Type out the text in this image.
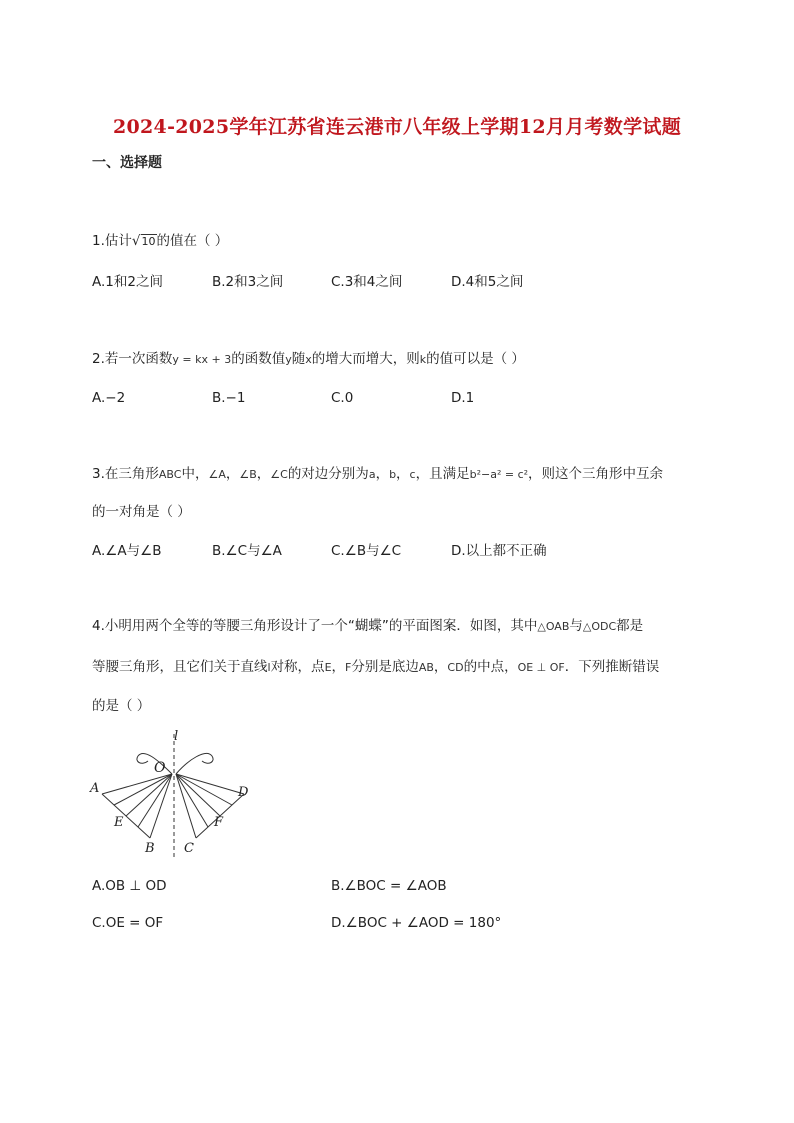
2024-2025学年江苏省连云港市八年级上学期12月月考数学试题
一、选择题
1.估计√10的值在（ ）
A.1和2之间	B.2和3之间	C.3和4之间	D.4和5之间
2.若一次函数y = kx + 3的函数值y随x的增大而增大，则k的值可以是（ ）
A.−2	B.−1	C.0	D.1
3.在三角形ABC中，∠A，∠B，∠C的对边分别为a，b，c，且满足b²−a² = c²，则这个三角形中互余
的一对角是（ ）
A.∠A与∠B	B.∠C与∠A	C.∠B与∠C	D.以上都不正确
4.小明用两个全等的等腰三角形设计了一个“蝴蝶”的平面图案．如图，其中△OAB与△ODC都是
等腰三角形，且它们关于直线l对称，点E，F分别是底边AB，CD的中点，OE ⊥ OF．下列推断错误
的是（ ）
l
O
A	D
E	F
B C
A.OB ⊥ OD	B.∠BOC = ∠AOB
C.OE = OF	D.∠BOC + ∠AOD = 180°
